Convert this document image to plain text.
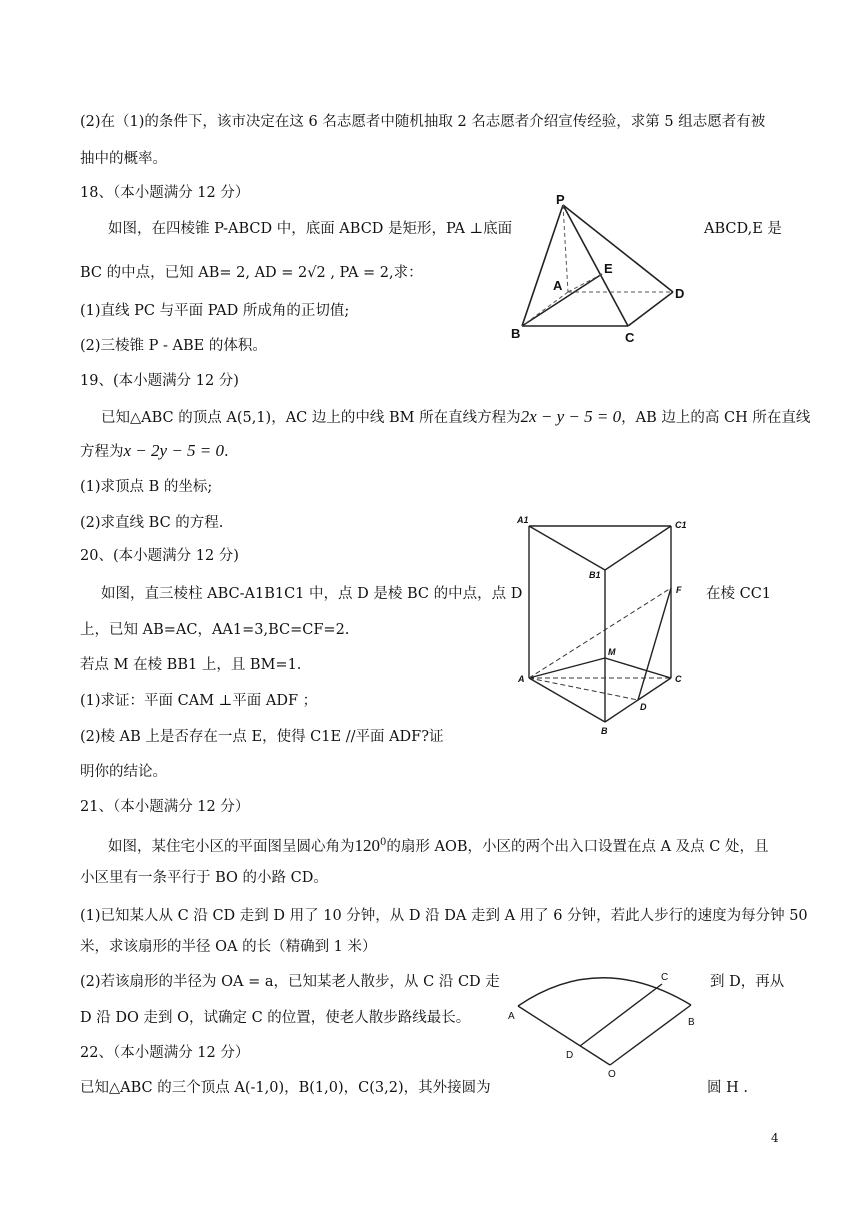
(2)在（1)的条件下，该市决定在这 6 名志愿者中随机抽取 2 名志愿者介绍宣传经验，求第 5 组志愿者有被
抽中的概率。
18、（本小题满分 12 分）
如图，在四棱锥 P-ABCD 中，底面 ABCD 是矩形，PA ⊥底面	ABCD,E 是
BC 的中点，已知 AB= 2, AD = 2√2 , PA = 2,求：
(1)直线 PC 与平面 PAD 所成角的正切值;
(2)三棱锥 P - ABE 的体积。
19、(本小题满分 12 分)
已知△ABC 的顶点 A(5,1)，AC 边上的中线 BM 所在直线方程为2x − y − 5 = 0，AB 边上的高 CH 所在直线
方程为x − 2y − 5 = 0.
(1)求顶点 B 的坐标;
(2)求直线 BC 的方程.
20、(本小题满分 12 分)
如图，直三棱柱 ABC-A1B1C1 中，点 D 是棱 BC 的中点，点 D	在棱 CC1
上，已知 AB=AC，AA1=3,BC=CF=2.
若点 M 在棱 BB1 上，且 BM=1.
(1)求证：平面 CAM ⊥平面 ADF ；
(2)棱 AB 上是否存在一点 E，使得 C1E //平面 ADF?证
明你的结论。
21、（本小题满分 12 分）
如图，某住宅小区的平面图呈圆心角为$120^0$的扇形 AOB，小区的两个出入口设置在点 A 及点 C 处，且
小区里有一条平行于 BO 的小路 CD。
(1)已知某人从 C 沿 CD 走到 D 用了 10 分钟，从 D 沿 DA 走到 A 用了 6 分钟，若此人步行的速度为每分钟 50
米，求该扇形的半径 OA 的长（精确到 1 米）
(2)若该扇形的半径为 OA = a，已知某老人散步，从 C 沿 CD 走	到 D，再从
D 沿 DO 走到 O，试确定 C 的位置，使老人散步路线最长。
22、（本小题满分 12 分）
已知△ABC 的三个顶点 A(-1,0)，B(1,0)，C(3,2)，其外接圆为	圆 H .
4
P
A
B	C
D
E
A1	C1
B1
F
M
A	C
D
B
C
A
B
D
O
